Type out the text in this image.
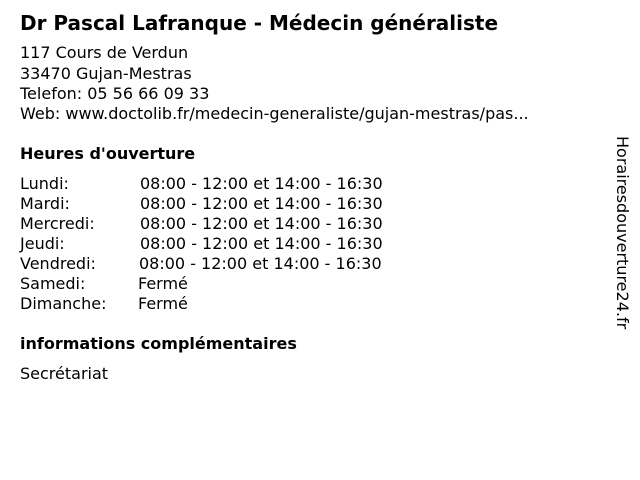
Dr Pascal Lafranque - Médecin généraliste
117 Cours de Verdun
33470 Gujan-Mestras
Telefon: 05 56 66 09 33
Web: www.doctolib.fr/medecin-generaliste/gujan-mestras/pas...
Heures d'ouverture
Lundi:	08:00 - 12:00 et 14:00 - 16:30
Mardi:	08:00 - 12:00 et 14:00 - 16:30
Mercredi:	08:00 - 12:00 et 14:00 - 16:30
Jeudi:	08:00 - 12:00 et 14:00 - 16:30
Vendredi:	08:00 - 12:00 et 14:00 - 16:30
Samedi:	Fermé
Dimanche: Fermé
informations complémentaires
Secrétariat
Horairesdouverture24.fr
